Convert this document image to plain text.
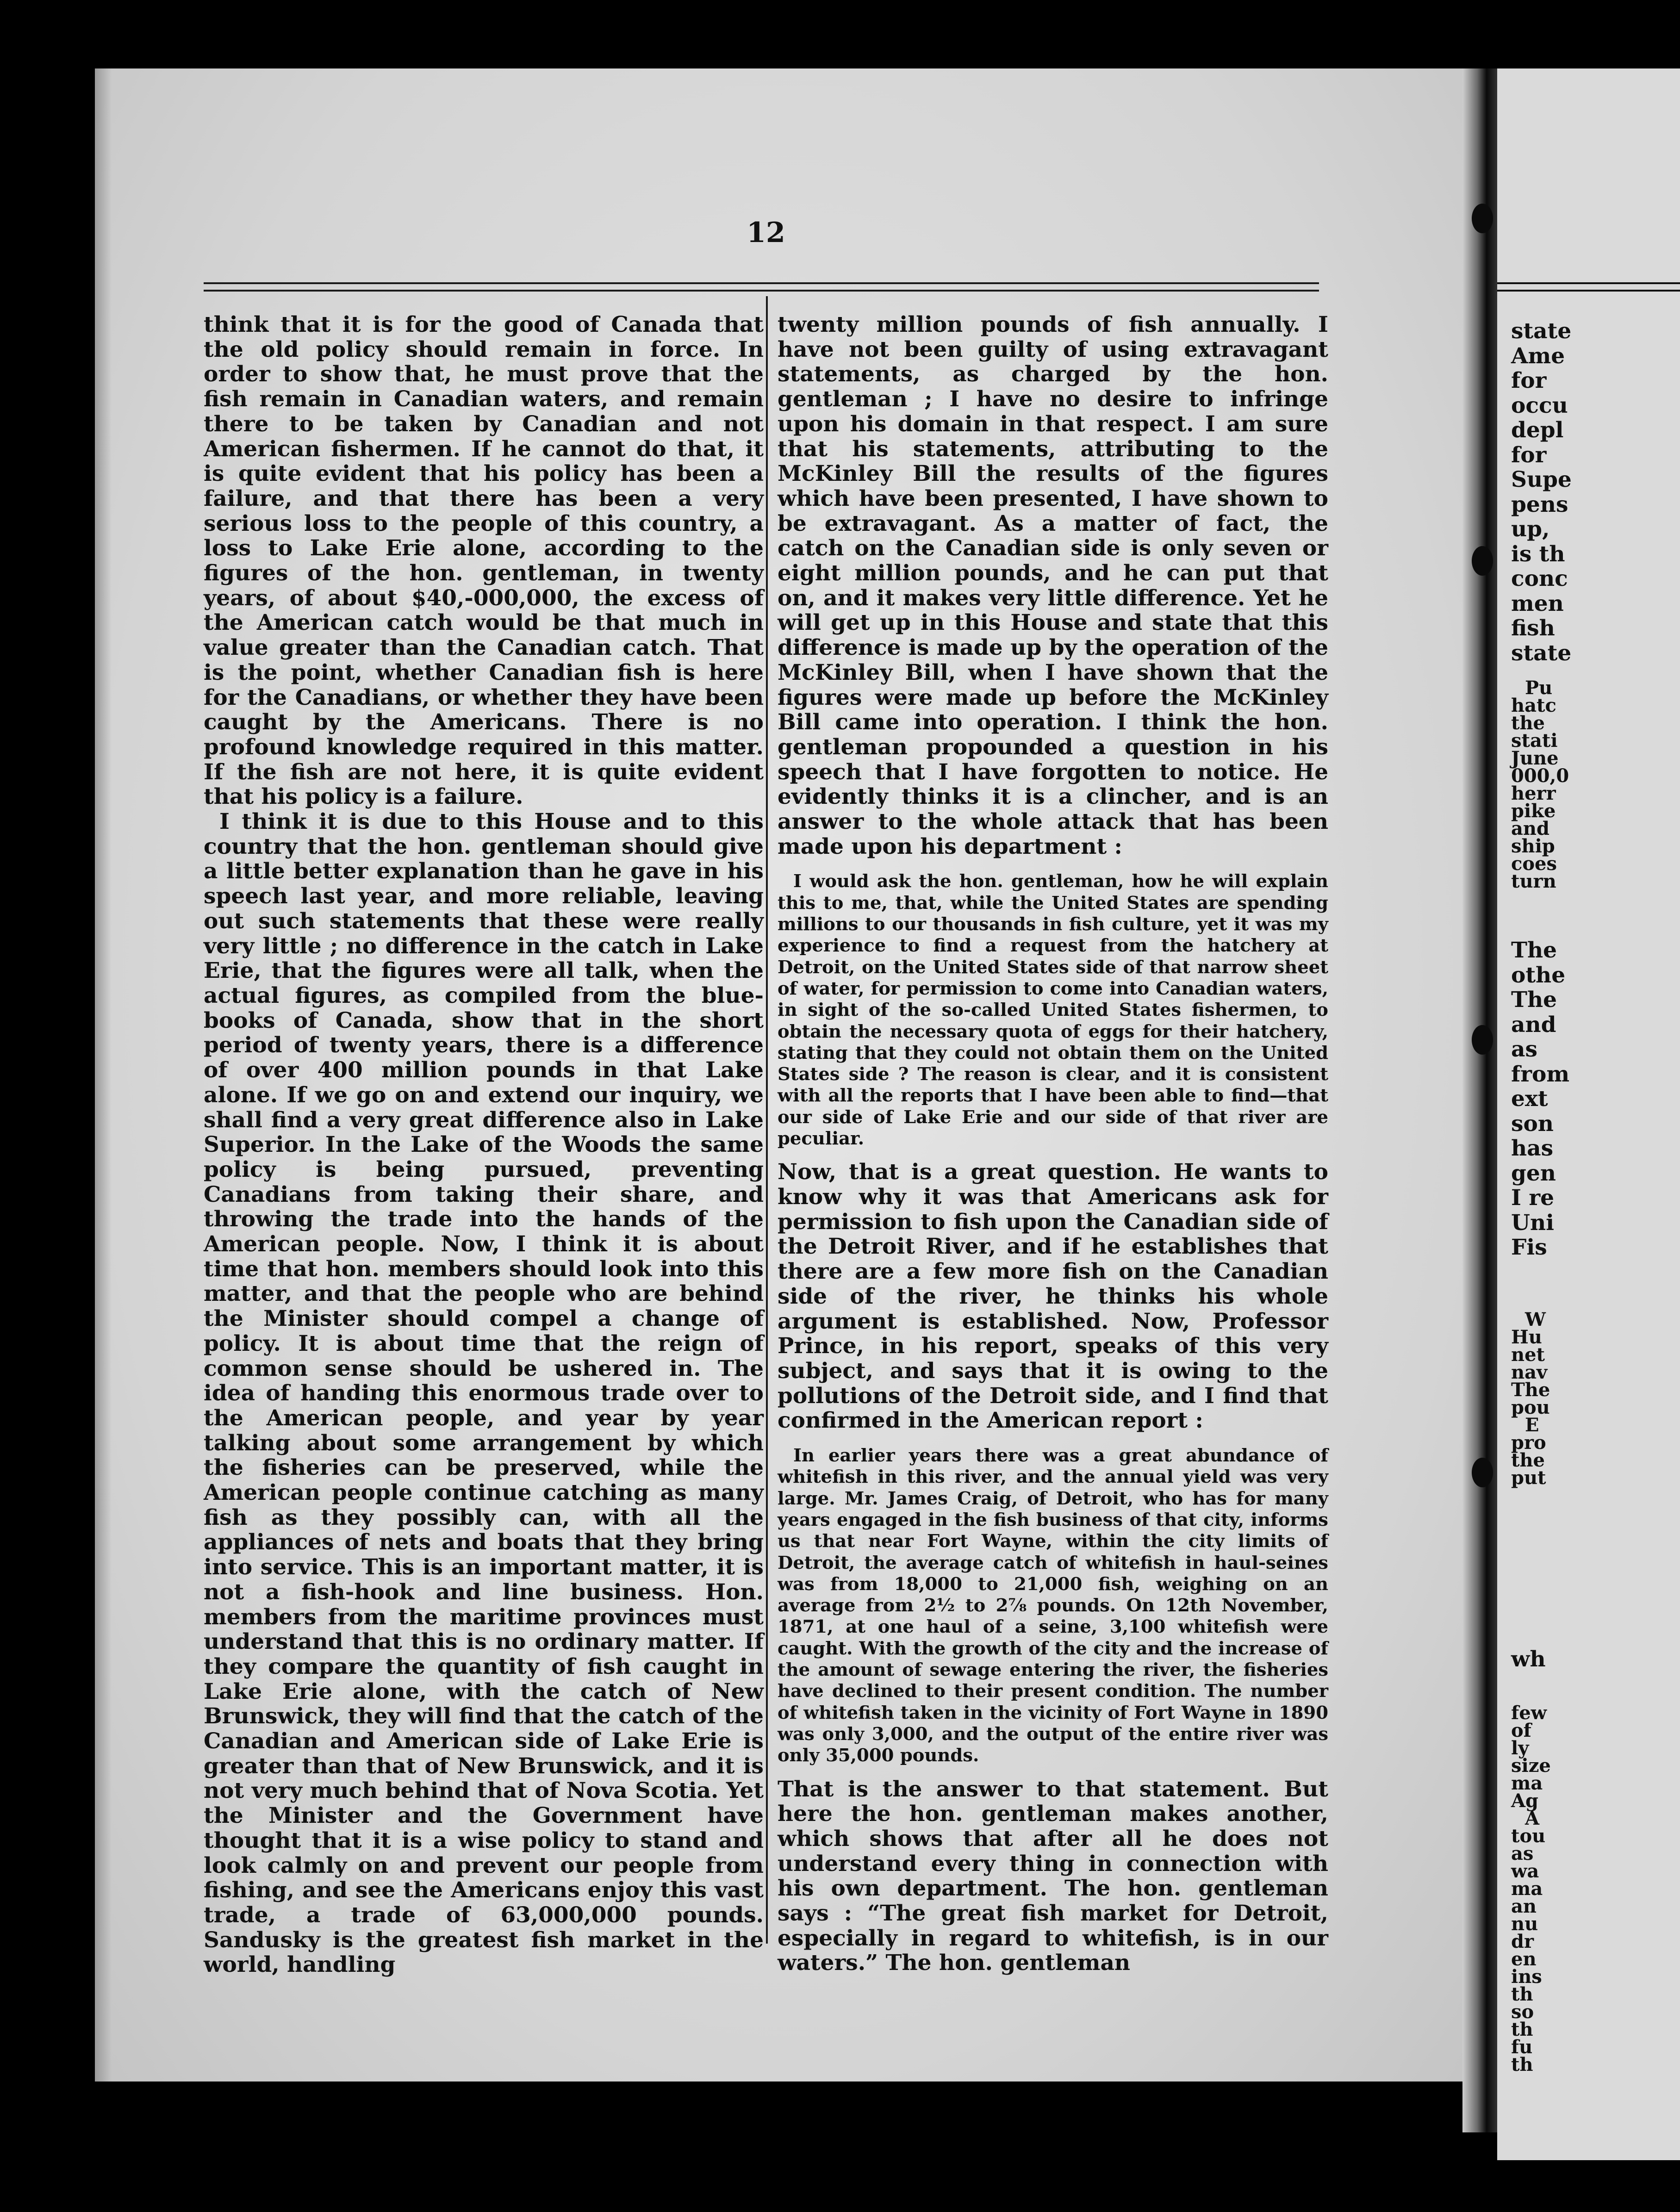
12

think that it is for the good of Canada that the old policy should remain in force. In order to show that, he must prove that the fish remain in Canadian waters, and remain there to be taken by Canadian and not American fishermen. If he cannot do that, it is quite evident that his policy has been a failure, and that there has been a very serious loss to the people of this country, a loss to Lake Erie alone, according to the figures of the hon. gentleman, in twenty years, of about $40,-000,000, the excess of the American catch would be that much in value greater than the Canadian catch. That is the point, whether Canadian fish is here for the Canadians, or whether they have been caught by the Americans. There is no profound knowledge required in this matter. If the fish are not here, it is quite evident that his policy is a failure.

I think it is due to this House and to this country that the hon. gentleman should give a little better explanation than he gave in his speech last year, and more reliable, leaving out such statements that these were really very little ; no difference in the catch in Lake Erie, that the figures were all talk, when the actual figures, as compiled from the blue-books of Canada, show that in the short period of twenty years, there is a difference of over 400 million pounds in that Lake alone. If we go on and extend our inquiry, we shall find a very great difference also in Lake Superior. In the Lake of the Woods the same policy is being pursued, preventing Canadians from taking their share, and throwing the trade into the hands of the American people. Now, I think it is about time that hon. members should look into this matter, and that the people who are behind the Minister should compel a change of policy. It is about time that the reign of common sense should be ushered in. The idea of handing this enormous trade over to the American people, and year by year talking about some arrangement by which the fisheries can be preserved, while the American people continue catching as many fish as they possibly can, with all the appliances of nets and boats that they bring into service. This is an important matter, it is not a fish-hook and line business. Hon. members from the maritime provinces must understand that this is no ordinary matter. If they compare the quantity of fish caught in Lake Erie alone, with the catch of New Brunswick, they will find that the catch of the Canadian and American side of Lake Erie is greater than that of New Brunswick, and it is not very much behind that of Nova Scotia. Yet the Minister and the Government have thought that it is a wise policy to stand and look calmly on and prevent our people from fishing, and see the Americans enjoy this vast trade, a trade of 63,000,000 pounds. Sandusky is the greatest fish market in the world, handling

twenty million pounds of fish annually. I have not been guilty of using extravagant statements, as charged by the hon. gentleman ; I have no desire to infringe upon his domain in that respect. I am sure that his statements, attributing to the McKinley Bill the results of the figures which have been presented, I have shown to be extravagant. As a matter of fact, the catch on the Canadian side is only seven or eight million pounds, and he can put that on, and it makes very little difference. Yet he will get up in this House and state that this difference is made up by the operation of the McKinley Bill, when I have shown that the figures were made up before the McKinley Bill came into operation. I think the hon. gentleman propounded a question in his speech that I have forgotten to notice. He evidently thinks it is a clincher, and is an answer to the whole attack that has been made upon his department :

I would ask the hon. gentleman, how he will explain this to me, that, while the United States are spending millions to our thousands in fish culture, yet it was my experience to find a request from the hatchery at Detroit, on the United States side of that narrow sheet of water, for permission to come into Canadian waters, in sight of the so-called United States fishermen, to obtain the necessary quota of eggs for their hatchery, stating that they could not obtain them on the United States side ? The reason is clear, and it is consistent with all the reports that I have been able to find—that our side of Lake Erie and our side of that river are peculiar.

Now, that is a great question. He wants to know why it was that Americans ask for permission to fish upon the Canadian side of the Detroit River, and if he establishes that there are a few more fish on the Canadian side of the river, he thinks his whole argument is established. Now, Professor Prince, in his report, speaks of this very subject, and says that it is owing to the pollutions of the Detroit side, and I find that confirmed in the American report :

In earlier years there was a great abundance of whitefish in this river, and the annual yield was very large. Mr. James Craig, of Detroit, who has for many years engaged in the fish business of that city, informs us that near Fort Wayne, within the city limits of Detroit, the average catch of whitefish in haul-seines was from 18,000 to 21,000 fish, weighing on an average from 2½ to 2⅞ pounds. On 12th November, 1871, at one haul of a seine, 3,100 whitefish were caught. With the growth of the city and the increase of the amount of sewage entering the river, the fisheries have declined to their present condition. The number of whitefish taken in the vicinity of Fort Wayne in 1890 was only 3,000, and the output of the entire river was only 35,000 pounds.

That is the answer to that statement. But here the hon. gentleman makes another, which shows that after all he does not understand every thing in connection with his own department. The hon. gentleman says : “The great fish market for Detroit, especially in regard to whitefish, is in our waters.” The hon. gentleman

state
Ame
for
occu
depl
for
Supe
pens
up,
is th
conc
men
fish
state
Pu
hatc
the
stati
June
000,0
herr
pike
and
ship
coes
turn
The
othe
The
and
as
from
ext
son
has
gen
I re
Uni
Fis
W
Hu
net
nav
The
pou
E
pro
the
put
wh
few
of
ly
size
ma
Ag
A
tou
as
wa
ma
an
nu
dr
en
ins
th
so
th
fu
th
